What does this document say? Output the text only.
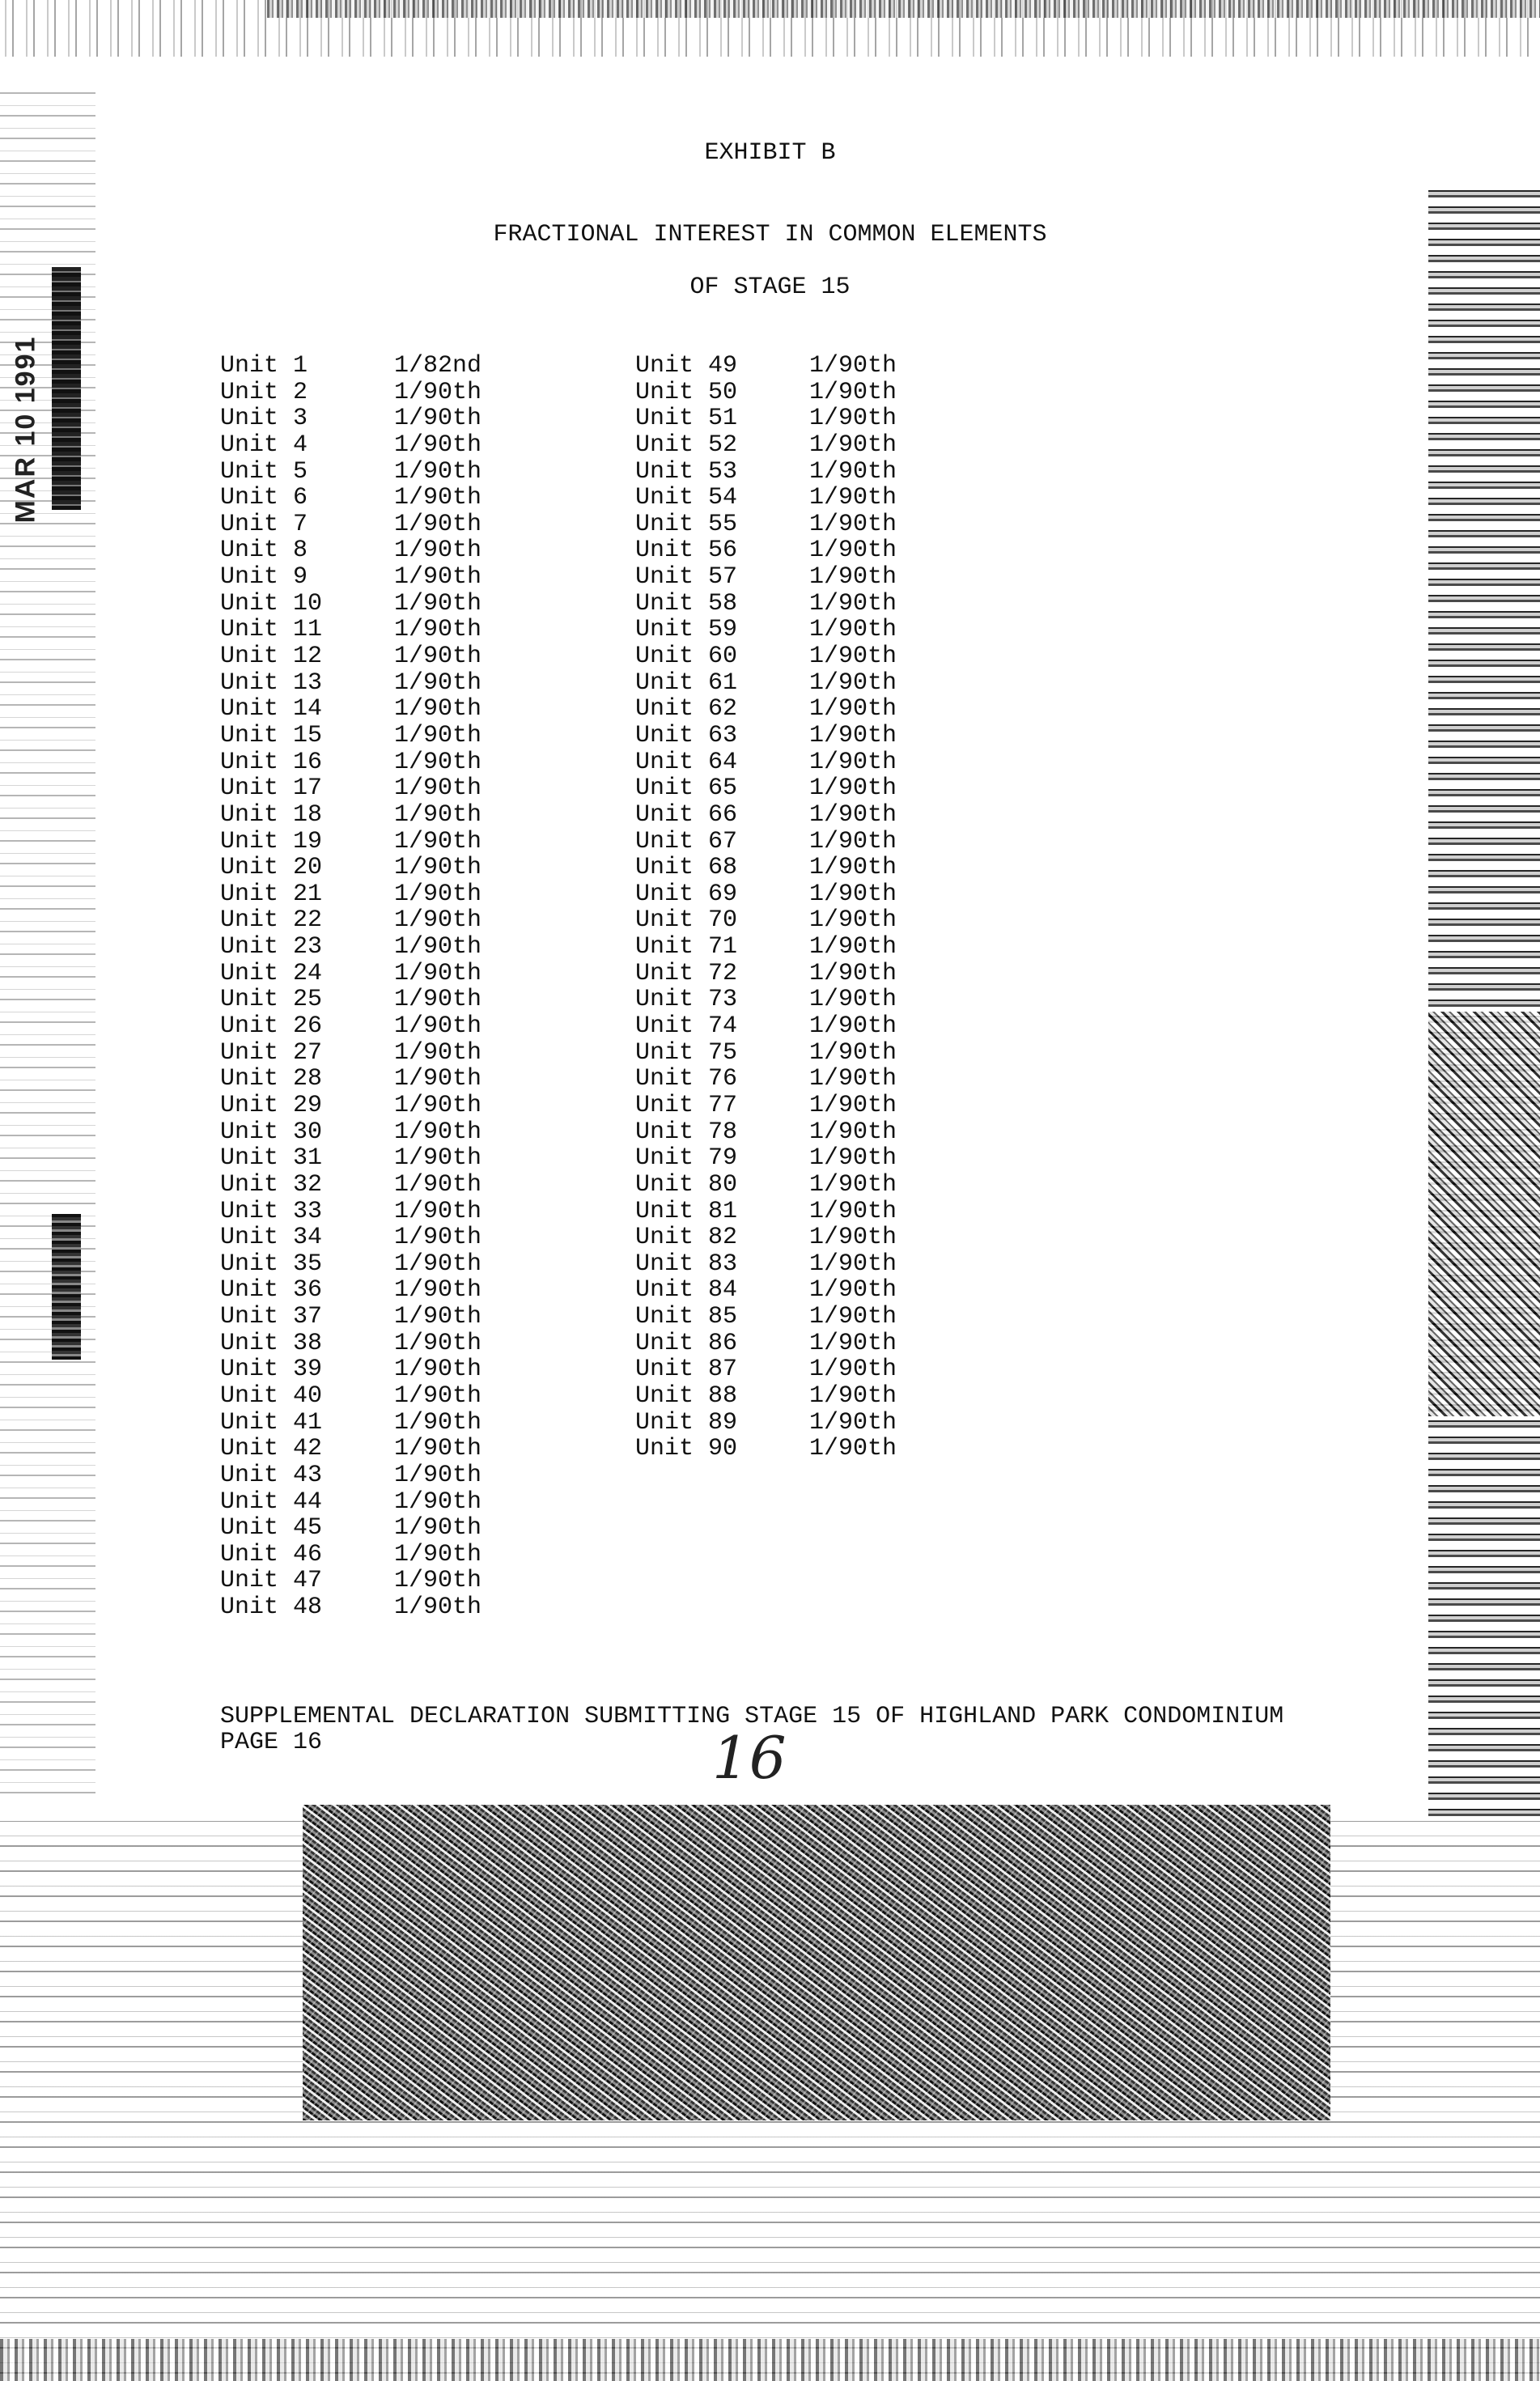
MAR 10 1991
EXHIBIT B
FRACTIONAL INTEREST IN COMMON ELEMENTS
OF STAGE 15
Unit 1	1/82nd
Unit 2	1/90th
Unit 3	1/90th
Unit 4	1/90th
Unit 5	1/90th
Unit 6	1/90th
Unit 7	1/90th
Unit 8	1/90th
Unit 9	1/90th
Unit 10	1/90th
Unit 11	1/90th
Unit 12	1/90th
Unit 13	1/90th
Unit 14	1/90th
Unit 15	1/90th
Unit 16	1/90th
Unit 17	1/90th
Unit 18	1/90th
Unit 19	1/90th
Unit 20	1/90th
Unit 21	1/90th
Unit 22	1/90th
Unit 23	1/90th
Unit 24	1/90th
Unit 25	1/90th
Unit 26	1/90th
Unit 27	1/90th
Unit 28	1/90th
Unit 29	1/90th
Unit 30	1/90th
Unit 31	1/90th
Unit 32	1/90th
Unit 33	1/90th
Unit 34	1/90th
Unit 35	1/90th
Unit 36	1/90th
Unit 37	1/90th
Unit 38	1/90th
Unit 39	1/90th
Unit 40	1/90th
Unit 41	1/90th
Unit 42	1/90th
Unit 43	1/90th
Unit 44	1/90th
Unit 45	1/90th
Unit 46	1/90th
Unit 47	1/90th
Unit 48	1/90th
Unit 49	1/90th
Unit 50	1/90th
Unit 51	1/90th
Unit 52	1/90th
Unit 53	1/90th
Unit 54	1/90th
Unit 55	1/90th
Unit 56	1/90th
Unit 57	1/90th
Unit 58	1/90th
Unit 59	1/90th
Unit 60	1/90th
Unit 61	1/90th
Unit 62	1/90th
Unit 63	1/90th
Unit 64	1/90th
Unit 65	1/90th
Unit 66	1/90th
Unit 67	1/90th
Unit 68	1/90th
Unit 69	1/90th
Unit 70	1/90th
Unit 71	1/90th
Unit 72	1/90th
Unit 73	1/90th
Unit 74	1/90th
Unit 75	1/90th
Unit 76	1/90th
Unit 77	1/90th
Unit 78	1/90th
Unit 79	1/90th
Unit 80	1/90th
Unit 81	1/90th
Unit 82	1/90th
Unit 83	1/90th
Unit 84	1/90th
Unit 85	1/90th
Unit 86	1/90th
Unit 87	1/90th
Unit 88	1/90th
Unit 89	1/90th
Unit 90	1/90th
SUPPLEMENTAL DECLARATION SUBMITTING STAGE 15 OF HIGHLAND PARK CONDOMINIUM
PAGE 16	16
